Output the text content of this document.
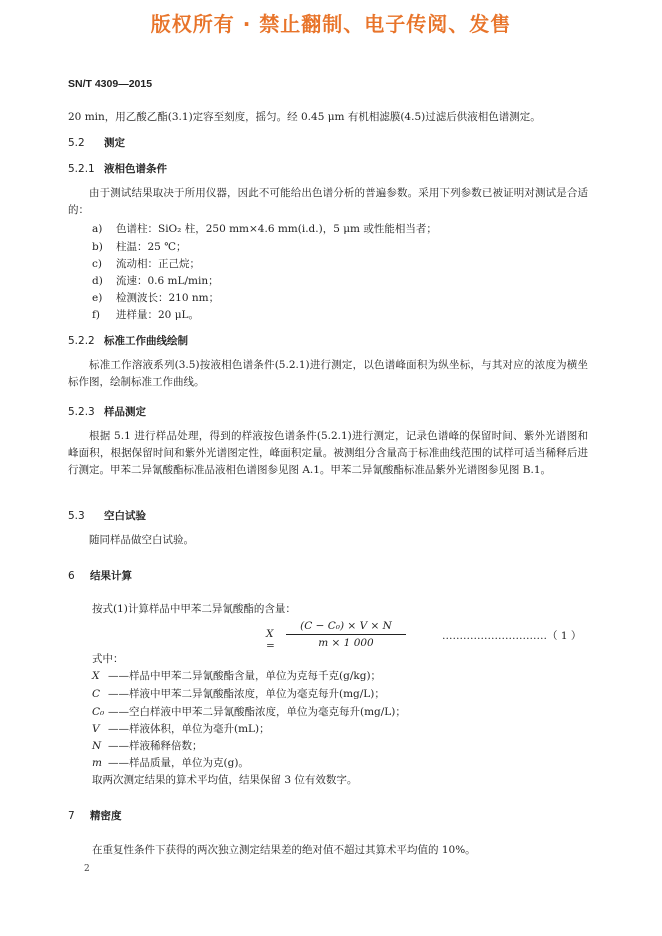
版权所有 · 禁止翻制、电子传阅、发售
SN/T 4309—2015
20 min，用乙酸乙酯(3.1)定容至刻度，摇匀。经 0.45 μm 有机相滤膜(4.5)过滤后供液相色谱测定。
5.2 测定
5.2.1 液相色谱条件
由于测试结果取决于所用仪器，因此不可能给出色谱分析的普遍参数。采用下列参数已被证明对测试是合适的：
a) 色谱柱：SiO₂ 柱，250 mm×4.6 mm(i.d.)，5 μm 或性能相当者；
b) 柱温：25 ℃；
c) 流动相：正己烷；
d) 流速：0.6 mL/min；
e) 检测波长：210 nm；
f) 进样量：20 μL。
5.2.2 标准工作曲线绘制
标准工作溶液系列(3.5)按液相色谱条件(5.2.1)进行测定，以色谱峰面积为纵坐标，与其对应的浓度为横坐标作图，绘制标准工作曲线。
5.2.3 样品测定
根据 5.1 进行样品处理，得到的样液按色谱条件(5.2.1)进行测定，记录色谱峰的保留时间、紫外光谱图和峰面积，根据保留时间和紫外光谱图定性，峰面积定量。被测组分含量高于标准曲线范围的试样可适当稀释后进行测定。甲苯二异氰酸酯标准品液相色谱图参见图 A.1。甲苯二异氰酸酯标准品紫外光谱图参见图 B.1。
5.3 空白试验
随同样品做空白试验。
6 结果计算
按式(1)计算样品中甲苯二异氰酸酯的含量：
$X = \frac{\text{(C − C₀) × V × N}}{m \times 1 000}$	…………………………（ 1 ）
式中：
X ——样品中甲苯二异氰酸酯含量，单位为克每千克(g/kg)；
C ——样液中甲苯二异氰酸酯浓度，单位为毫克每升(mg/L)；
C₀ ——空白样液中甲苯二异氰酸酯浓度，单位为毫克每升(mg/L)；
V ——样液体积，单位为毫升(mL)；
N ——样液稀释倍数；
m ——样品质量，单位为克(g)。
取两次测定结果的算术平均值，结果保留 3 位有效数字。
7 精密度
在重复性条件下获得的两次独立测定结果差的绝对值不超过其算术平均值的 10%。
2
